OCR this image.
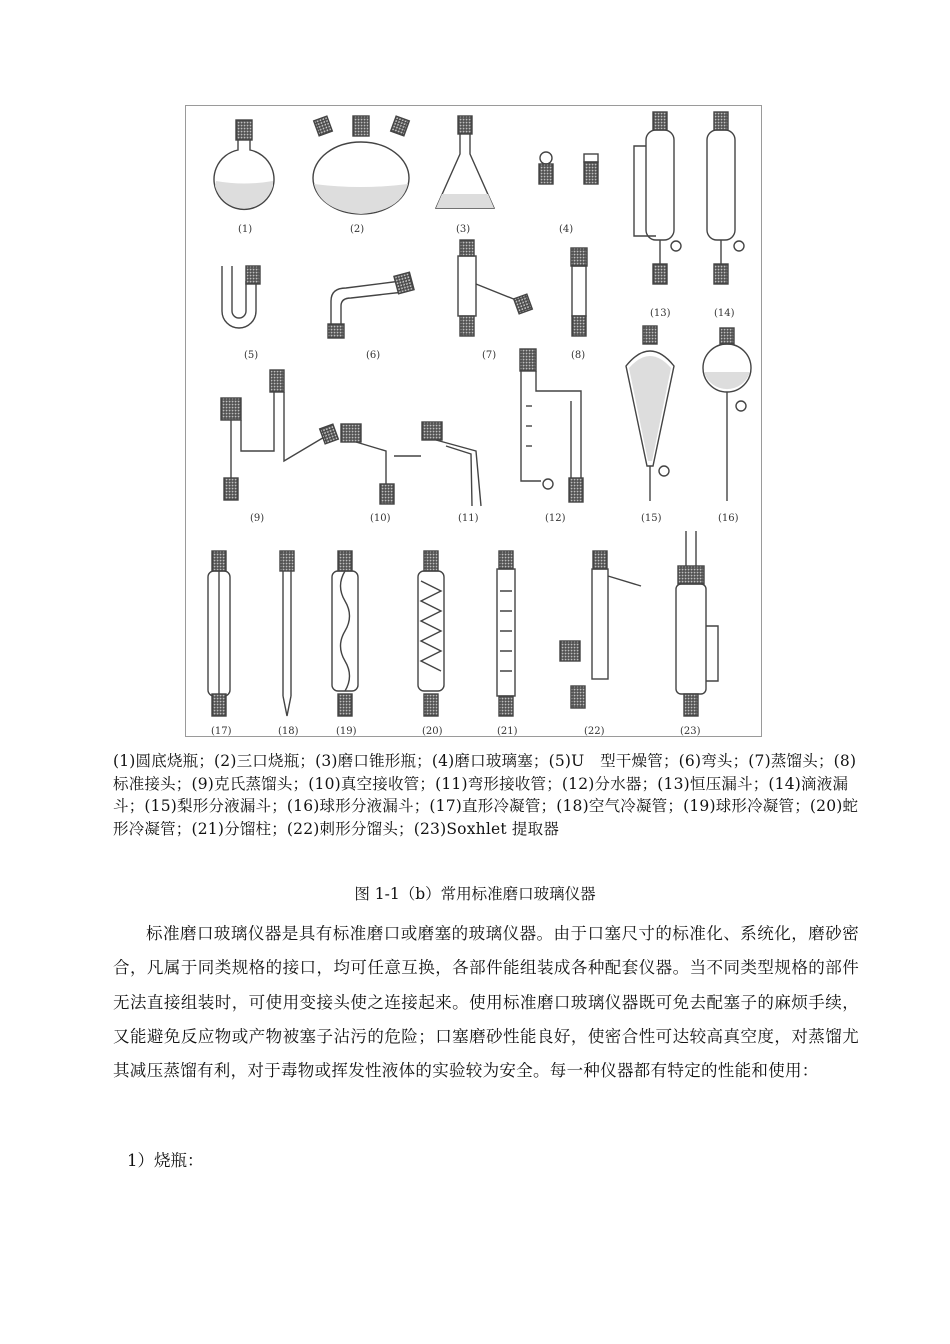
(1)	(2)	(3)	(4)
(13)	(14)
(5)	(6)	(7)	(8)
(9)	(10)	(11)	(12)	(15)	(16)
(17)	(18)	(19)	(20)	(21)	(22)	(23)
(1)圆底烧瓶；(2)三口烧瓶；(3)磨口锥形瓶；(4)磨口玻璃塞；(5)U　型干燥管；(6)弯头；(7)蒸馏头；(8)标准接头；(9)克氏蒸馏头；(10)真空接收管；(11)弯形接收管；(12)分水器；(13)恒压漏斗；(14)滴液漏斗；(15)梨形分液漏斗；(16)球形分液漏斗；(17)直形冷凝管；(18)空气冷凝管；(19)球形冷凝管；(20)蛇形冷凝管；(21)分馏柱；(22)刺形分馏头；(23)Soxhlet 提取器
图 1-1（b）常用标准磨口玻璃仪器
标准磨口玻璃仪器是具有标准磨口或磨塞的玻璃仪器。由于口塞尺寸的标准化、系统化，磨砂密合，凡属于同类规格的接口，均可任意互换，各部件能组装成各种配套仪器。当不同类型规格的部件无法直接组装时，可使用变接头使之连接起来。使用标准磨口玻璃仪器既可免去配塞子的麻烦手续，又能避免反应物或产物被塞子沾污的危险；口塞磨砂性能良好，使密合性可达较高真空度，对蒸馏尤其减压蒸馏有利，对于毒物或挥发性液体的实验较为安全。每一种仪器都有特定的性能和使用：
1）烧瓶：
